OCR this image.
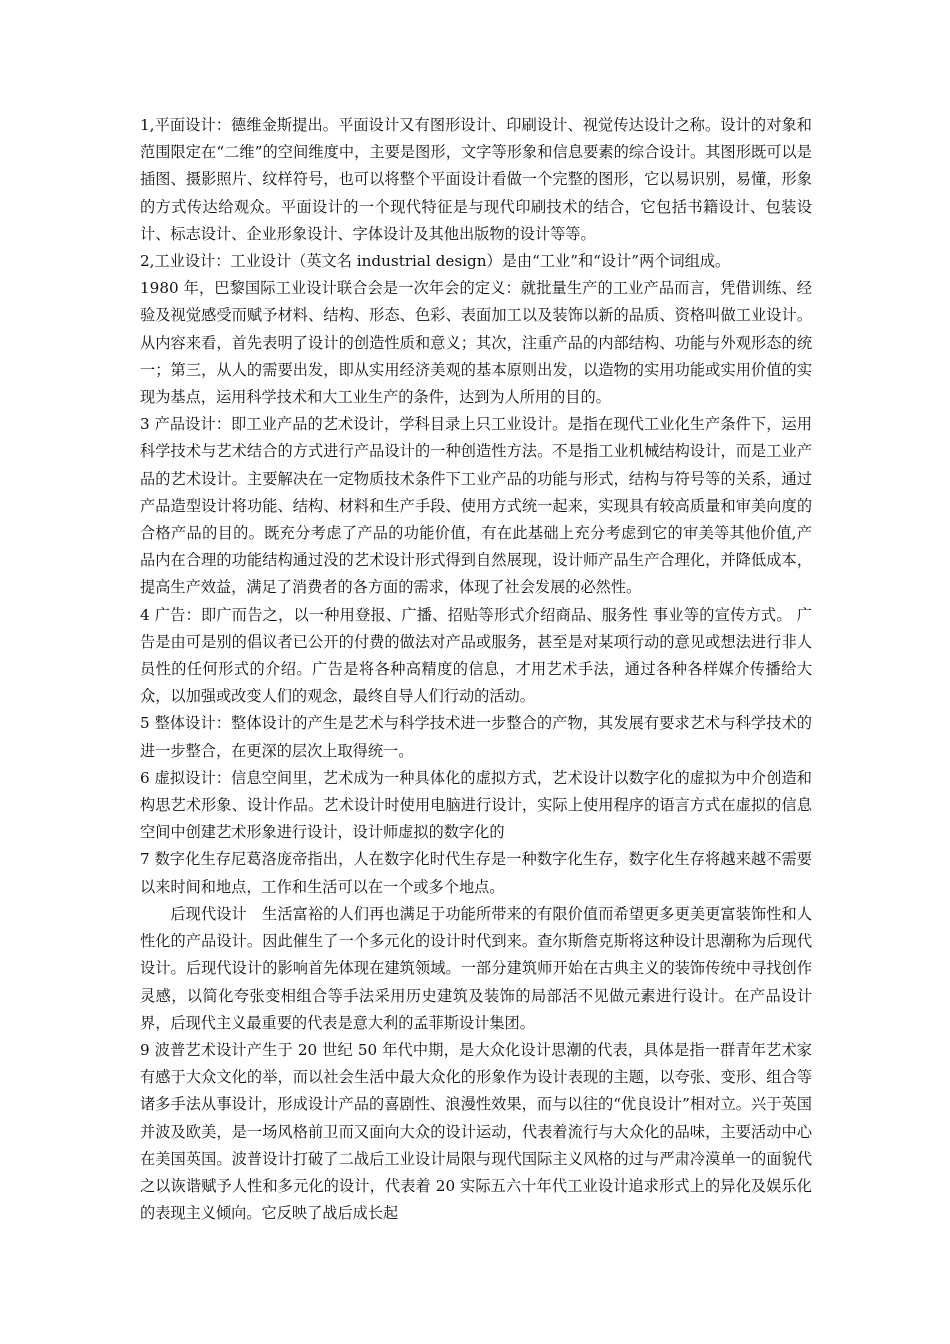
1,平面设计：德维金斯提出。平面设计又有图形设计、印刷设计、视觉传达设计之称。设计的对象和范围限定在“二维”的空间维度中，主要是图形，文字等形象和信息要素的综合设计。其图形既可以是插图、摄影照片、纹样符号，也可以将整个平面设计看做一个完整的图形，它以易识别，易懂，形象的方式传达给观众。平面设计的一个现代特征是与现代印刷技术的结合，它包括书籍设计、包装设计、标志设计、企业形象设计、字体设计及其他出版物的设计等等。

2,工业设计：工业设计（英文名 industrial design）是由“工业”和“设计”两个词组成。

1980 年，巴黎国际工业设计联合会是一次年会的定义：就批量生产的工业产品而言，凭借训练、经验及视觉感受而赋予材料、结构、形态、色彩、表面加工以及装饰以新的品质、资格叫做工业设计。从内容来看，首先表明了设计的创造性质和意义；其次，注重产品的内部结构、功能与外观形态的统一；第三，从人的需要出发，即从实用经济美观的基本原则出发，以造物的实用功能或实用价值的实现为基点，运用科学技术和大工业生产的条件，达到为人所用的目的。

3 产品设计：即工业产品的艺术设计，学科目录上只工业设计。是指在现代工业化生产条件下，运用科学技术与艺术结合的方式进行产品设计的一种创造性方法。不是指工业机械结构设计，而是工业产品的艺术设计。主要解决在一定物质技术条件下工业产品的功能与形式，结构与符号等的关系，通过产品造型设计将功能、结构、材料和生产手段、使用方式统一起来，实现具有较高质量和审美向度的合格产品的目的。既充分考虑了产品的功能价值，有在此基础上充分考虑到它的审美等其他价值,产品内在合理的功能结构通过没的艺术设计形式得到自然展现，设计师产品生产合理化，并降低成本，提高生产效益，满足了消费者的各方面的需求，体现了社会发展的必然性。

4 广告：即广而告之，以一种用登报、广播、招贴等形式介绍商品、服务性 事业等的宣传方式。 广告是由可是别的倡议者已公开的付费的做法对产品或服务，甚至是对某项行动的意见或想法进行非人员性的任何形式的介绍。广告是将各种高精度的信息，才用艺术手法，通过各种各样媒介传播给大众，以加强或改变人们的观念，最终自导人们行动的活动。

5 整体设计：整体设计的产生是艺术与科学技术进一步整合的产物，其发展有要求艺术与科学技术的进一步整合，在更深的层次上取得统一。

6 虚拟设计：信息空间里，艺术成为一种具体化的虚拟方式，艺术设计以数字化的虚拟为中介创造和构思艺术形象、设计作品。艺术设计时使用电脑进行设计，实际上使用程序的语言方式在虚拟的信息空间中创建艺术形象进行设计，设计师虚拟的数字化的

7 数字化生存尼葛洛庞帝指出，人在数字化时代生存是一种数字化生存，数字化生存将越来越不需要以来时间和地点，工作和生活可以在一个或多个地点。

后现代设计　生活富裕的人们再也满足于功能所带来的有限价值而希望更多更美更富装饰性和人性化的产品设计。因此催生了一个多元化的设计时代到来。查尔斯詹克斯将这种设计思潮称为后现代设计。后现代设计的影响首先体现在建筑领域。一部分建筑师开始在古典主义的装饰传统中寻找创作灵感，以简化夸张变相组合等手法采用历史建筑及装饰的局部活不见做元素进行设计。在产品设计界，后现代主义最重要的代表是意大利的孟菲斯设计集团。

9 波普艺术设计产生于 20 世纪 50 年代中期，是大众化设计思潮的代表，具体是指一群青年艺术家有感于大众文化的举，而以社会生活中最大众化的形象作为设计表现的主题，以夸张、变形、组合等诸多手法从事设计，形成设计产品的喜剧性、浪漫性效果，而与以往的“优良设计”相对立。兴于英国并波及欧美，是一场风格前卫而又面向大众的设计运动，代表着流行与大众化的品味，主要活动中心在美国英国。波普设计打破了二战后工业设计局限与现代国际主义风格的过与严肃冷漠单一的面貌代之以诙谐赋予人性和多元化的设计，代表着 20 实际五六十年代工业设计追求形式上的异化及娱乐化的表现主义倾向。它反映了战后成长起
